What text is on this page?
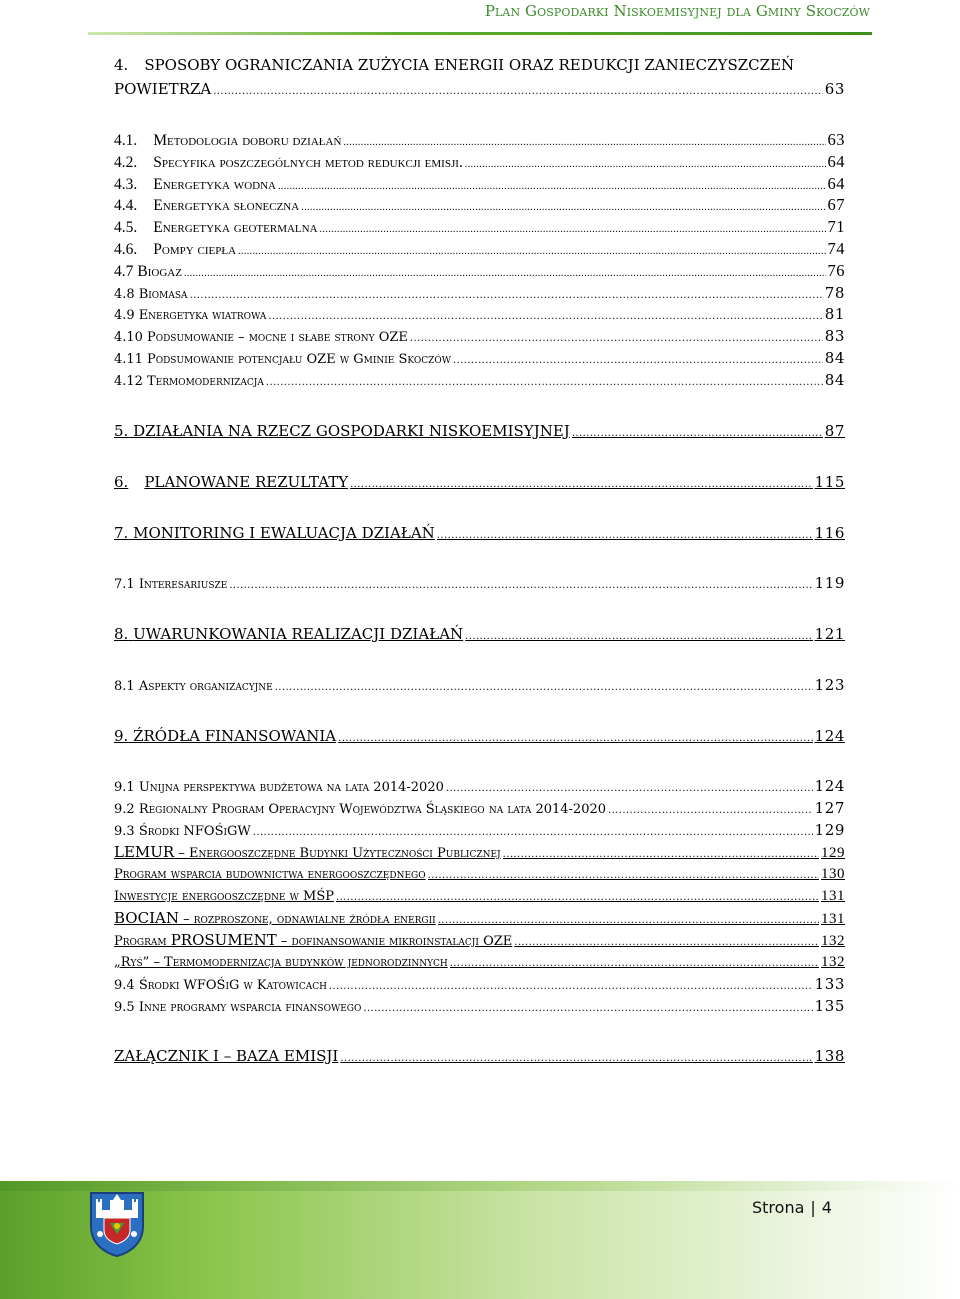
Plan Gospodarki Niskoemisyjnej dla Gminy Skoczów
4. SPOSOBY OGRANICZANIA ZUŻYCIA ENERGII ORAZ REDUKCJI ZANIECZYSZCZEŃ
POWIETRZA .....	63
4.1. Metodologia doboru działań .....	63
4.2. Specyfika poszczególnych metod redukcji emisji. .....	64
4.3. Energetyka wodna .....	64
4.4. Energetyka słoneczna .....	67
4.5. Energetyka geotermalna .....	71
4.6. Pompy ciepła .....	74
4.7 Biogaz .....	76
4.8 Biomasa .....	78
4.9 Energetyka wiatrowa .....	81
4.10 Podsumowanie – mocne i słabe strony OZE .....	83
4.11 Podsumowanie potencjału OZE w Gminie Skoczów .....	84
4.12 Termomodernizacja .....	84
5. DZIAŁANIA NA RZECZ GOSPODARKI NISKOEMISYJNEJ .....	87
6. PLANOWANE REZULTATY .....	115
7. MONITORING I EWALUACJA DZIAŁAŃ .....	116
7.1 Interesariusze .....	119
8. UWARUNKOWANIA REALIZACJI DZIAŁAŃ .....	121
8.1 Aspekty organizacyjne .....	123
9. ŹRÓDŁA FINANSOWANIA .....	124
9.1 Unijna perspektywa budżetowa na lata 2014-2020 .....	124
9.2 Regionalny Program Operacyjny Województwa Śląskiego na lata 2014-2020 .....	127
9.3 Środki NFOŚiGW .....	129
LEMUR – Energooszczędne Budynki Użyteczności Publicznej .....	129
Program wsparcia budownictwa energooszczędnego .....	130
Inwestycje energooszczędne w MŚP .....	131
BOCIAN – rozproszone, odnawialne źródła energii .....	131
Program PROSUMENT – dofinansowanie mikroinstalacji OZE .....	132
„Ryś” – Termomodernizacja budynków jednorodzinnych .....	132
9.4 Środki WFOŚiG w Katowicach .....	133
9.5 Inne programy wsparcia finansowego .....	135
ZAŁĄCZNIK I – BAZA EMISJI .....	138
Strona | 4
